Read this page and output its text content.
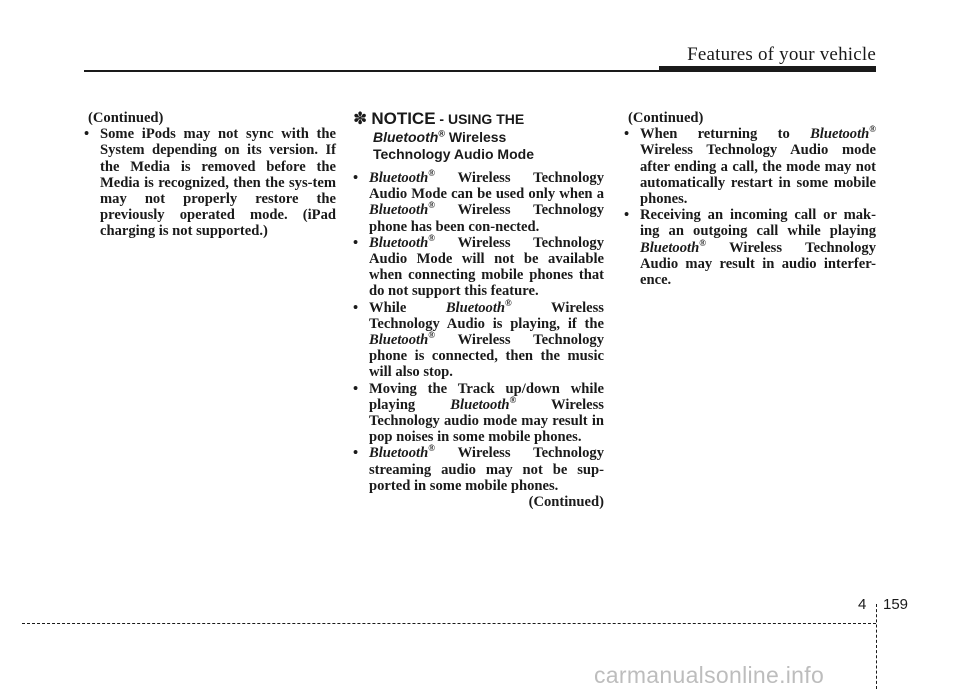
Features of your vehicle
(Continued)
• Some iPods may not sync with the System depending on its version. If the Media is removed before the Media is recognized, then the sys-tem may not properly restore the previously operated mode. (iPad charging is not supported.)
✽ NOTICE - USING THE
Bluetooth® Wireless
Technology Audio Mode
• Bluetooth® Wireless Technology Audio Mode can be used only when a Bluetooth® Wireless Technology phone has been con-nected.
• Bluetooth® Wireless Technology Audio Mode will not be available when connecting mobile phones that do not support this feature.
• While Bluetooth® Wireless Technology Audio is playing, if the Bluetooth® Wireless Technology phone is connected, then the music will also stop.
• Moving the Track up/down while playing Bluetooth® Wireless Technology audio mode may result in pop noises in some mobile phones.
• Bluetooth® Wireless Technology streaming audio may not be sup-ported in some mobile phones.
(Continued)
(Continued)
• When returning to Bluetooth® Wireless Technology Audio mode after ending a call, the mode may not automatically restart in some mobile phones.
• Receiving an incoming call or mak-ing an outgoing call while playing Bluetooth® Wireless Technology Audio may result in audio interfer-ence.
4 159
carmanualsonline.info
